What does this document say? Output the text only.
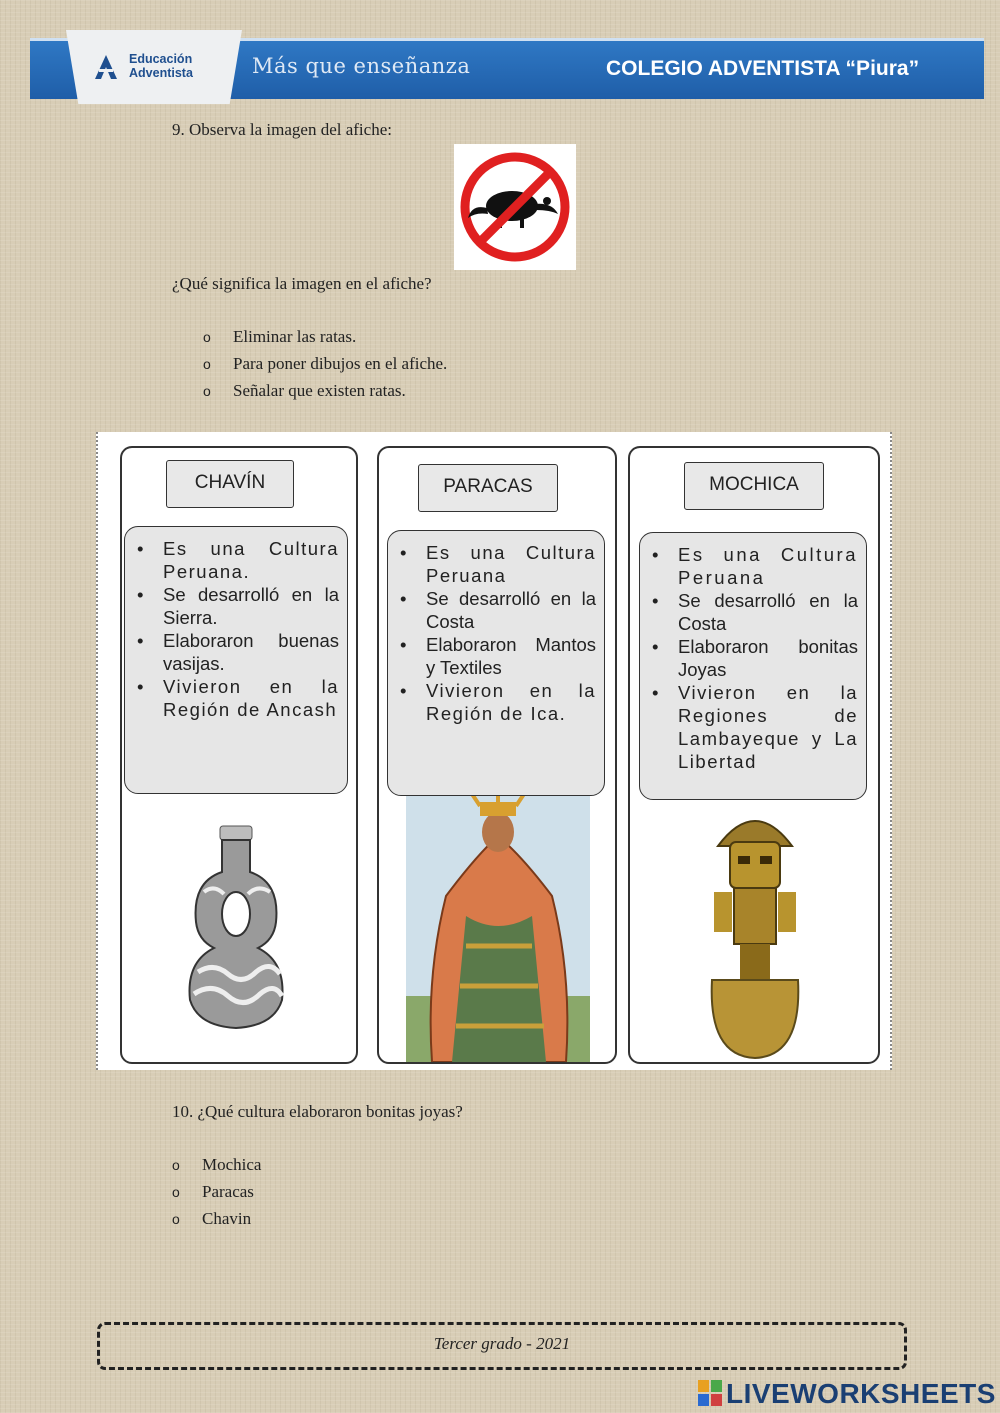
Educación
Adventista	Más que enseñanza	COLEGIO ADVENTISTA “Piura”
9. Observa la imagen del afiche:
¿Qué significa la imagen en el afiche?
o Eliminar las ratas.
o Para poner dibujos en el afiche.
o Señalar que existen ratas.
CHAVÍN
• Es una Cultura Peruana.
• Se desarrolló en la Sierra.
• Elaboraron buenas vasijas.
• Vivieron en la Región de Ancash
PARACAS
• Es una Cultura Peruana
• Se desarrolló en la Costa
• Elaboraron Mantos y Textiles
• Vivieron en la Región de Ica.
MOCHICA
• Es una Cultura Peruana
• Se desarrolló en la Costa
• Elaboraron bonitas Joyas
• Vivieron en la Regiones de Lambayeque y La Libertad
10. ¿Qué cultura elaboraron bonitas joyas?
o Mochica
o Paracas
o Chavin
Tercer grado - 2021
LIVEWORKSHEETS
